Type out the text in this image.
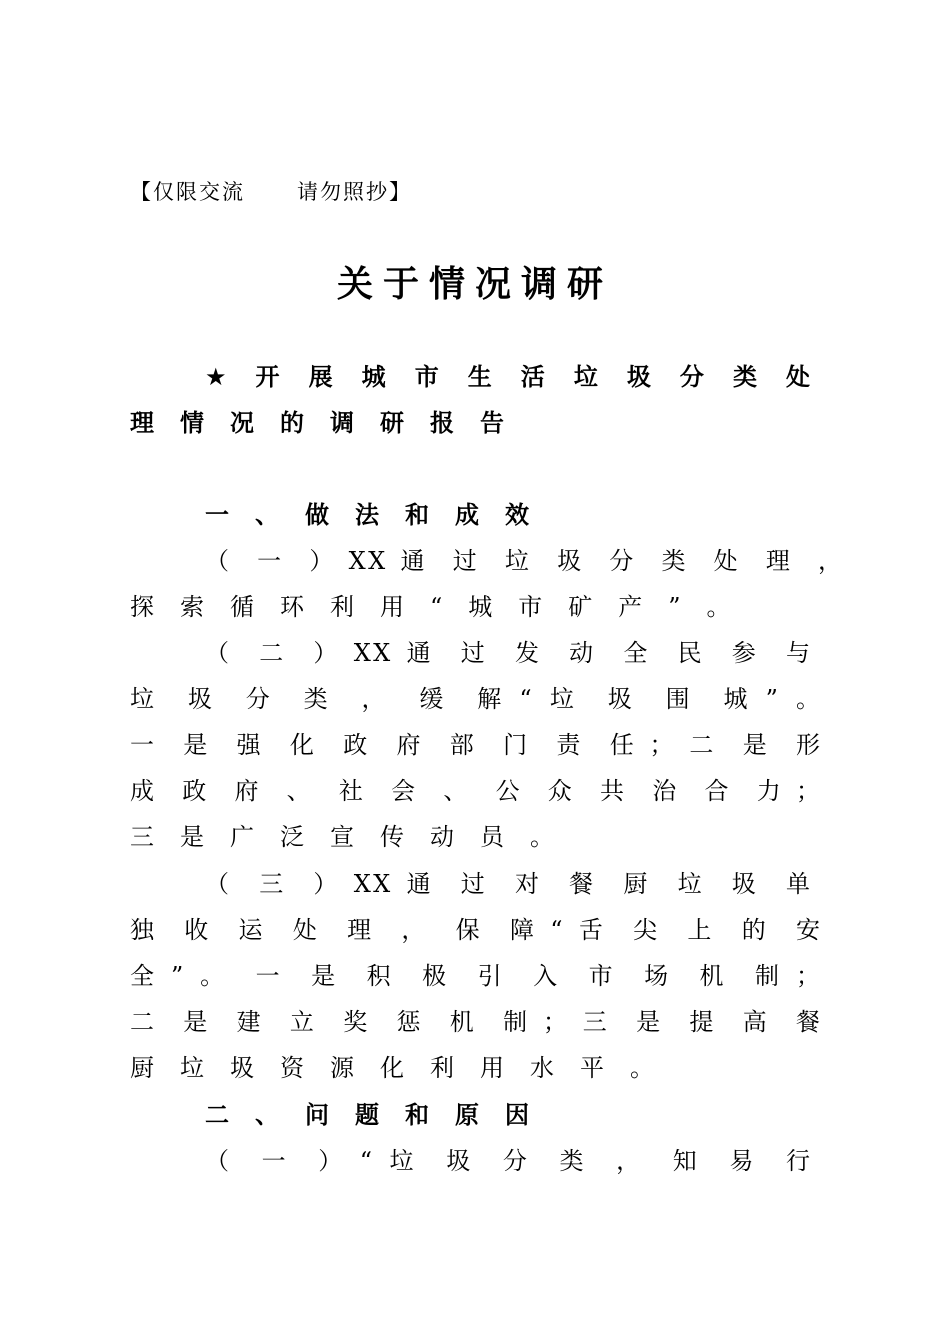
【仅限交流      请勿照抄】
关于情况调研
★ 开 展 城 市 生 活 垃 圾 分 类 处
理情况的调研报告
一、做法和成效
（ 一 ） X X 通 过 垃 圾 分 类 处 理 ，
探索循环利用“城市矿产”。
（ 二 ） X X 通 过 发 动 全 民 参 与
垃 圾 分 类 ， 缓 解 “ 垃 圾 围 城 ” 。
一 是 强 化 政 府 部 门 责 任 ； 二 是 形
成 政 府 、 社 会 、 公 众 共 治 合 力 ；
三是广泛宣传动员。
（ 三 ） X X 通 过 对 餐 厨 垃 圾 单
独 收 运 处 理 ， 保 障 “ 舌 尖 上 的 安
全 ” 。 一 是 积 极 引 入 市 场 机 制 ；
二 是 建 立 奖 惩 机 制 ； 三 是 提 高 餐
厨垃圾资源化利用水平。
二、问题和原因
（ 一 ） “ 垃 圾 分 类 ， 知 易 行
